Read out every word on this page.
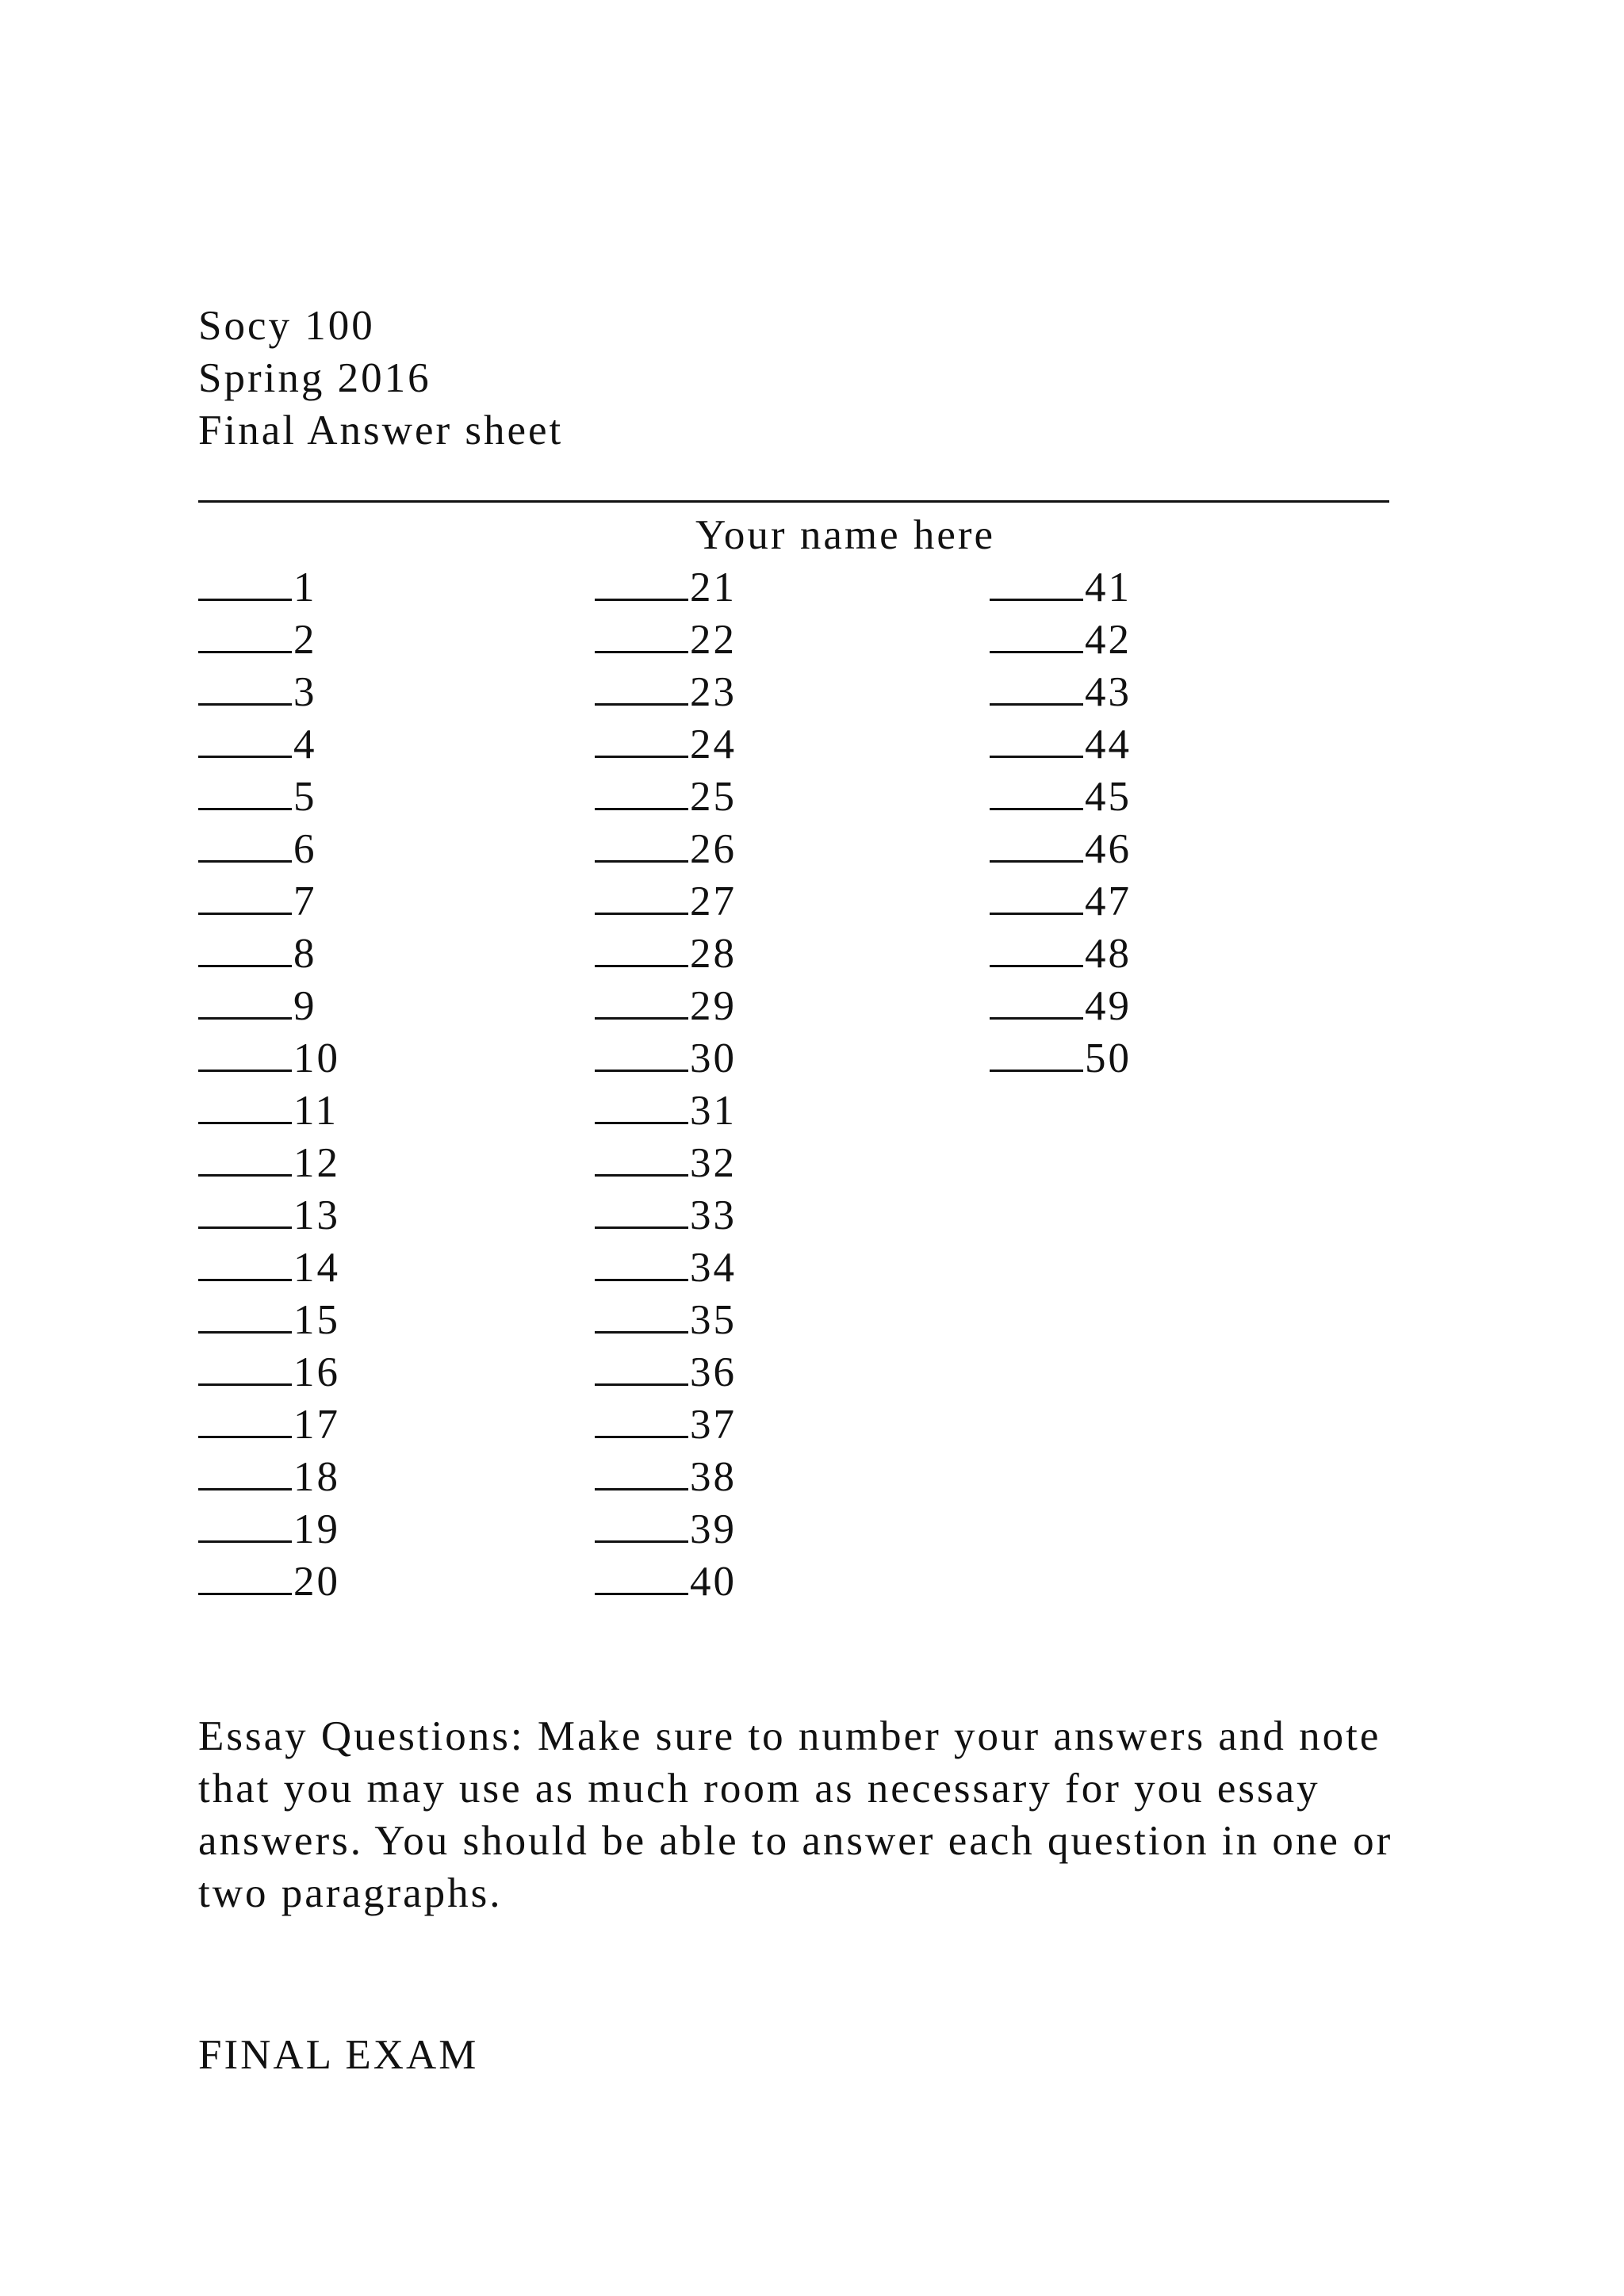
Socy 100
Spring 2016
Final Answer sheet
Your name here
1
2
3
4
5
6
7
8
9
10
11
12
13
14
15
16
17
18
19
20
21
22
23
24
25
26
27
28
29
30
31
32
33
34
35
36
37
38
39
40
41
42
43
44
45
46
47
48
49
50
Essay Questions: Make sure to number your answers and note that you may use as much room as necessary for you essay answers. You should be able to answer each question in one or two paragraphs.
FINAL EXAM
